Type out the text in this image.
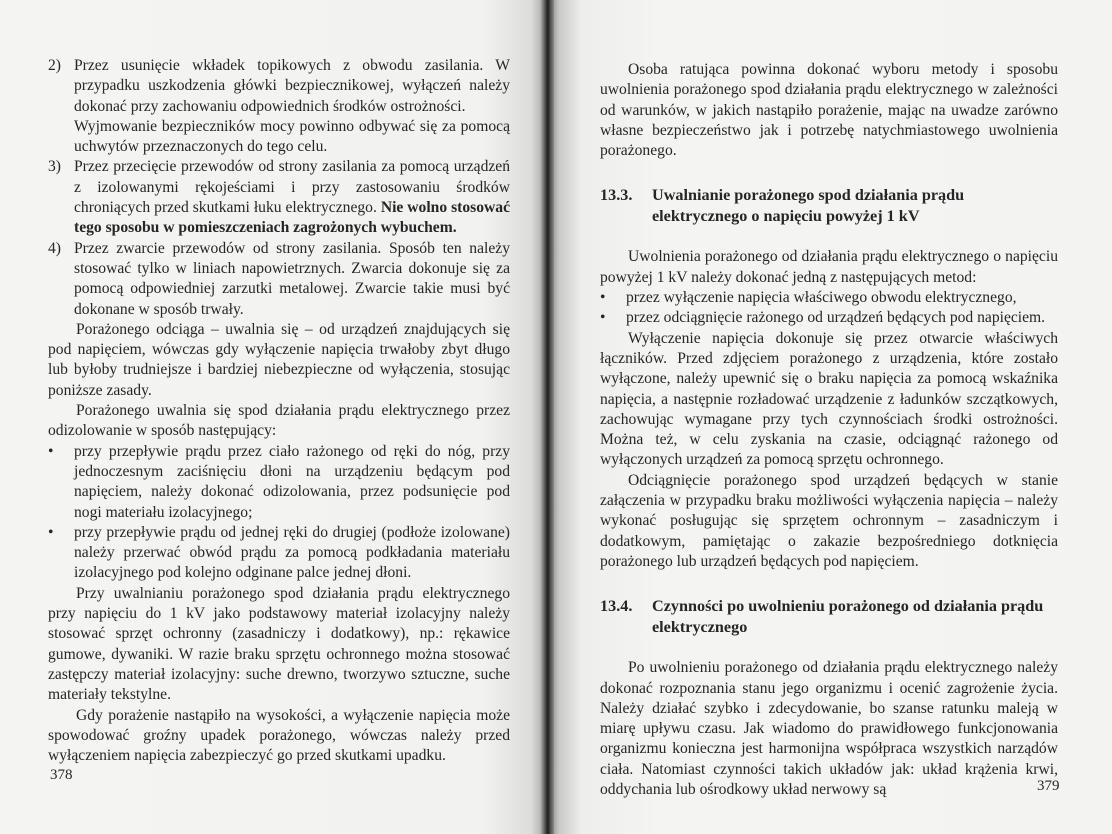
2) Przez usunięcie wkładek topikowych z obwodu zasilania. W przypadku uszkodzenia główki bezpiecznikowej, wyłączeń należy dokonać przy zachowaniu odpowiednich środków ostrożności.
Wyjmowanie bezpieczników mocy powinno odbywać się za pomocą uchwytów przeznaczonych do tego celu.
3) Przez przecięcie przewodów od strony zasilania za pomocą urządzeń z izolowanymi rękojeściami i przy zastosowaniu środków chroniących przed skutkami łuku elektrycznego. Nie wolno stosować tego sposobu w pomieszczeniach zagrożonych wybuchem.
4) Przez zwarcie przewodów od strony zasilania. Sposób ten należy stosować tylko w liniach napowietrznych. Zwarcia dokonuje się za pomocą odpowiedniej zarzutki metalowej. Zwarcie takie musi być dokonane w sposób trwały.

Porażonego odciąga – uwalnia się – od urządzeń znajdujących się pod napięciem, wówczas gdy wyłączenie napięcia trwałoby zbyt długo lub byłoby trudniejsze i bardziej niebezpieczne od wyłączenia, stosując poniższe zasady.

Porażonego uwalnia się spod działania prądu elektrycznego przez odizolowanie w sposób następujący:

•	przy przepływie prądu przez ciało rażonego od ręki do nóg, przy jednoczesnym zaciśnięciu dłoni na urządzeniu będącym pod napięciem, należy dokonać odizolowania, przez podsunięcie pod nogi materiału izolacyjnego;
•	przy przepływie prądu od jednej ręki do drugiej (podłoże izolowane) należy przerwać obwód prądu za pomocą podkładania materiału izolacyjnego pod kolejno odginane palce jednej dłoni.

Przy uwalnianiu porażonego spod działania prądu elektrycznego przy napięciu do 1 kV jako podstawowy materiał izolacyjny należy stosować sprzęt ochronny (zasadniczy i dodatkowy), np.: rękawice gumowe, dywaniki. W razie braku sprzętu ochronnego można stosować zastępczy materiał izolacyjny: suche drewno, tworzywo sztuczne, suche materiały tekstylne.

Gdy porażenie nastąpiło na wysokości, a wyłączenie napięcia może spowodować groźny upadek porażonego, wówczas należy przed wyłączeniem napięcia zabezpieczyć go przed skutkami upadku.

378

Osoba ratująca powinna dokonać wyboru metody i sposobu uwolnienia porażonego spod działania prądu elektrycznego w zależności od warunków, w jakich nastąpiło porażenie, mając na uwadze zarówno własne bezpieczeństwo jak i potrzebę natychmiastowego uwolnienia porażonego.

13.3.	Uwalnianie porażonego spod działania prądu elektrycznego o napięciu powyżej 1 kV

Uwolnienia porażonego od działania prądu elektrycznego o napięciu powyżej 1 kV należy dokonać jedną z następujących metod:

•	przez wyłączenie napięcia właściwego obwodu elektrycznego,
•	przez odciągnięcie rażonego od urządzeń będących pod napięciem.

Wyłączenie napięcia dokonuje się przez otwarcie właściwych łączników. Przed zdjęciem porażonego z urządzenia, które zostało wyłączone, należy upewnić się o braku napięcia za pomocą wskaźnika napięcia, a następnie rozładować urządzenie z ładunków szczątkowych, zachowując wymagane przy tych czynnościach środki ostrożności. Można też, w celu zyskania na czasie, odciągnąć rażonego od wyłączonych urządzeń za pomocą sprzętu ochronnego.

Odciągnięcie porażonego spod urządzeń będących w stanie załączenia w przypadku braku możliwości wyłączenia napięcia – należy wykonać posługując się sprzętem ochronnym – zasadniczym i dodatkowym, pamiętając o zakazie bezpośredniego dotknięcia porażonego lub urządzeń będących pod napięciem.

13.4.	Czynności po uwolnieniu porażonego od działania prądu elektrycznego

Po uwolnieniu porażonego od działania prądu elektrycznego należy dokonać rozpoznania stanu jego organizmu i ocenić zagrożenie życia. Należy działać szybko i zdecydowanie, bo szanse ratunku maleją w miarę upływu czasu. Jak wiadomo do prawidłowego funkcjonowania organizmu konieczna jest harmonijna współpraca wszystkich narządów ciała. Natomiast czynności takich układów jak: układ krążenia krwi, oddychania lub ośrodkowy układ nerwowy są	379
